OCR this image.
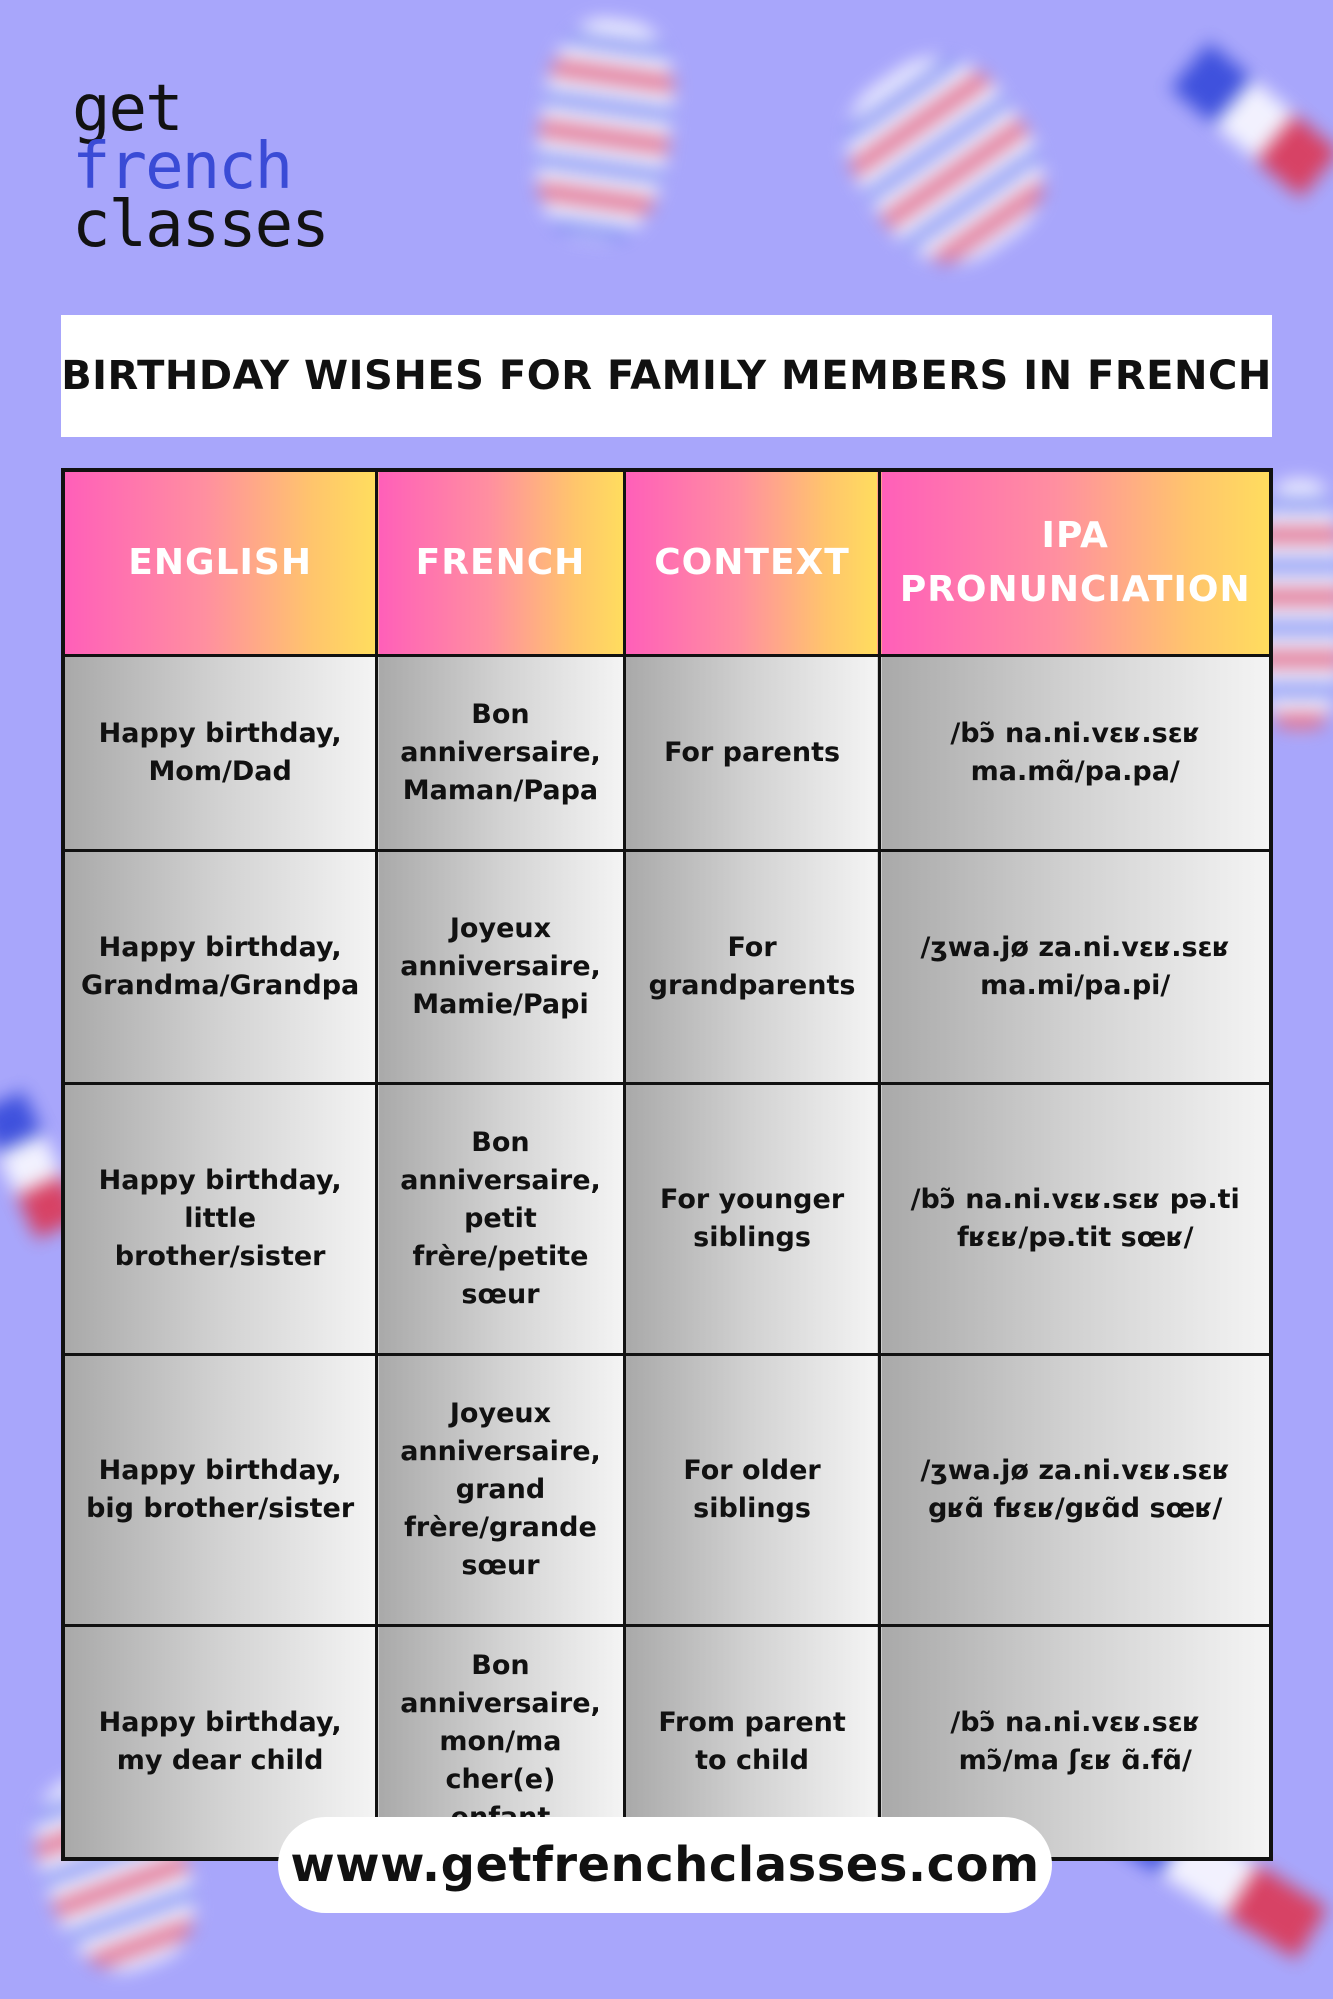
get
french
classes
BIRTHDAY WISHES FOR FAMILY MEMBERS IN FRENCH
ENGLISH	FRENCH	CONTEXT	IPA PRONUNCIATION
Happy birthday, Mom/Dad	Bon anniversaire, Maman/Papa	For parents	/bɔ̃ na.ni.vɛʁ.sɛʁ ma.mɑ̃/pa.pa/
Happy birthday, Grandma/Grandpa	Joyeux anniversaire, Mamie/Papi	For grandparents	/ʒwa.jø za.ni.vɛʁ.sɛʁ ma.mi/pa.pi/
Happy birthday, little brother/sister	Bon anniversaire, petit frère/petite sœur	For younger siblings	/bɔ̃ na.ni.vɛʁ.sɛʁ pə.ti fʁɛʁ/pə.tit sœʁ/
Happy birthday, big brother/sister	Joyeux anniversaire, grand frère/grande sœur	For older siblings	/ʒwa.jø za.ni.vɛʁ.sɛʁ gʁɑ̃ fʁɛʁ/gʁɑ̃d sœʁ/
Happy birthday, my dear child	Bon anniversaire, mon/ma cher(e)	From parent to child	/bɔ̃ na.ni.vɛʁ.sɛʁ mɔ̃/ma ʃɛʁ ɑ̃.fɑ̃/
www.getfrenchclasses.com
